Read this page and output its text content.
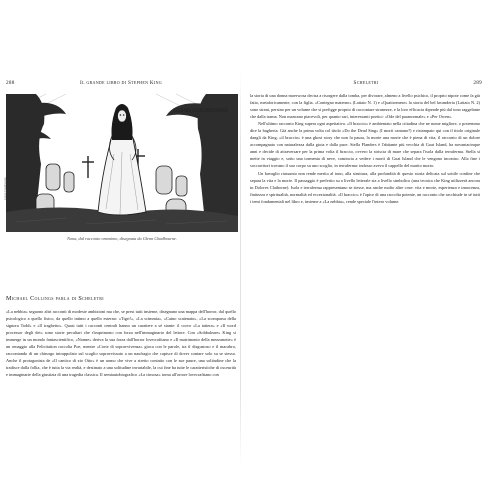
288	Il grande libro di Stephen King
GLENN CHADBOURNE
Glenn Chadbourne
Nona, dal racconto omonimo, disegnata da Glenn Chadbourne.
Michael Collings parla di Scheletri

«La nebbia» seguono altri racconti di modeste ambizioni ma che, se presi tutti insieme, disegnano una mappa dell'horror, dal quello psicologico a quello fisico, da quello intimo a quello esterno: «Tigri!», «La scimmia», «Caino scatenato», «La scomparsa della signora Todd» e «Il traghetto». Quasi tutti i racconti centrali hanno un carattere a sé stante: il corvo «La tattera» e «Il word processor degli dei» sono storie peculiari che s'imprimono con forza nell'immaginario del lettore. Con «Sobbalzare» King si immerge in un mondo fantascientifico, «Nonne» deriva la sua forza dall'horror lovecraftiano e «Il matrimonio della mezzanotte» è un omaggio alla Felicitation raccolta Poe, mentre «Corte di sopravvivenza» gioca con le parole, tra il disgustoso e il macabro, raccontando di un chirurgo intrappolato sul scoglio sopravvissuto a un naufragio che capisce di dover contare solo su se stesso. Anche il protagonista de «Il cantico di zio Otto» è un uomo che vive a stretto contatto con le sue paure, una solitudine che la tradisce dalla follia, che è tutta la via realtà, e destinato a una solitudine invariabile, la cui fine ha tutte le caratteristiche di osceurità e immaginarie della giustizia di una tragedia classica. Il semiautobiografico «La cimosa» torna all'orrore lovecraftiano con

Scheletri	289

la storia di una donna moerwosa decisa a risorgere dalla tomba, per divorare, almeno a livello psichico, il proprio nipote come fa già fatto, metaforicamente, con la figlia. «Contegno materno» (Lattaio N. 1) e «Quattromese» la storia del bel lavanderia (Lattaio N. 2) sono strani, persino per un volume che si prefigge proprio di raccontare stranezze, e la loro efficacia dipende più dal tono raggelante che dalla trama. Non mancano piacevoli, per quanto rari, interessanti poetici: «Ode del paranormale» e «Per Owen».

Nell'ultimo racconto King supera ogni aspettativa. «Il braccio» è ambientato nella cittadina che ne nome migliore, o potremmo dire la bagheria. Già anche la prima volta col titolo «Do the Dead Sing» (I morti cantano?) e ristampato qui con il titolo originale dangli da King, «il braccio» è una ghost story che non fa paura, la morte una morte che è piena di vita, il racconto di un dolore accompagnato con naturalezza dalla gioia e dalla pace. Stella Flanders è l'abitante più vecchia di Goat Island, ha novantacinque anni e decide di attraversare per la prima volta il braccio, ovvero la striscia di mare che separa l'isola dalla terraferma. Stella si mette in viaggio e, sotto una tormenta di neve, comincia a vedere i morti di Goat Island che le vengono incontro. Alla fine i soccorritori trovano il suo corpo su uno scoglio, in terraferma: indosso aveva il cappello del marito morto.

Un bavaglio riassunto non rende merito al tono, alla struttura, alla profondità di questo storia delicata sul sottile confine che separa la vita e la morte. Il passaggio è preferito su a livello letterale sia a livello simbolico (una tecnica che King utilizzerà ancora in Dolores Claiborne). Isola e terraferma rappresentano se stesse, ma anche molto altre cose: vita e morte, esperienza e innocenza, finitezza e spiritualità, normalità ed eccezionalità. «Il braccio» è l'apice di una raccolta potente, un racconto che racchiude in sé tutti i temi fondamentali nel libro e, insieme a «La nebbia», rende speciale l'intero volume.
